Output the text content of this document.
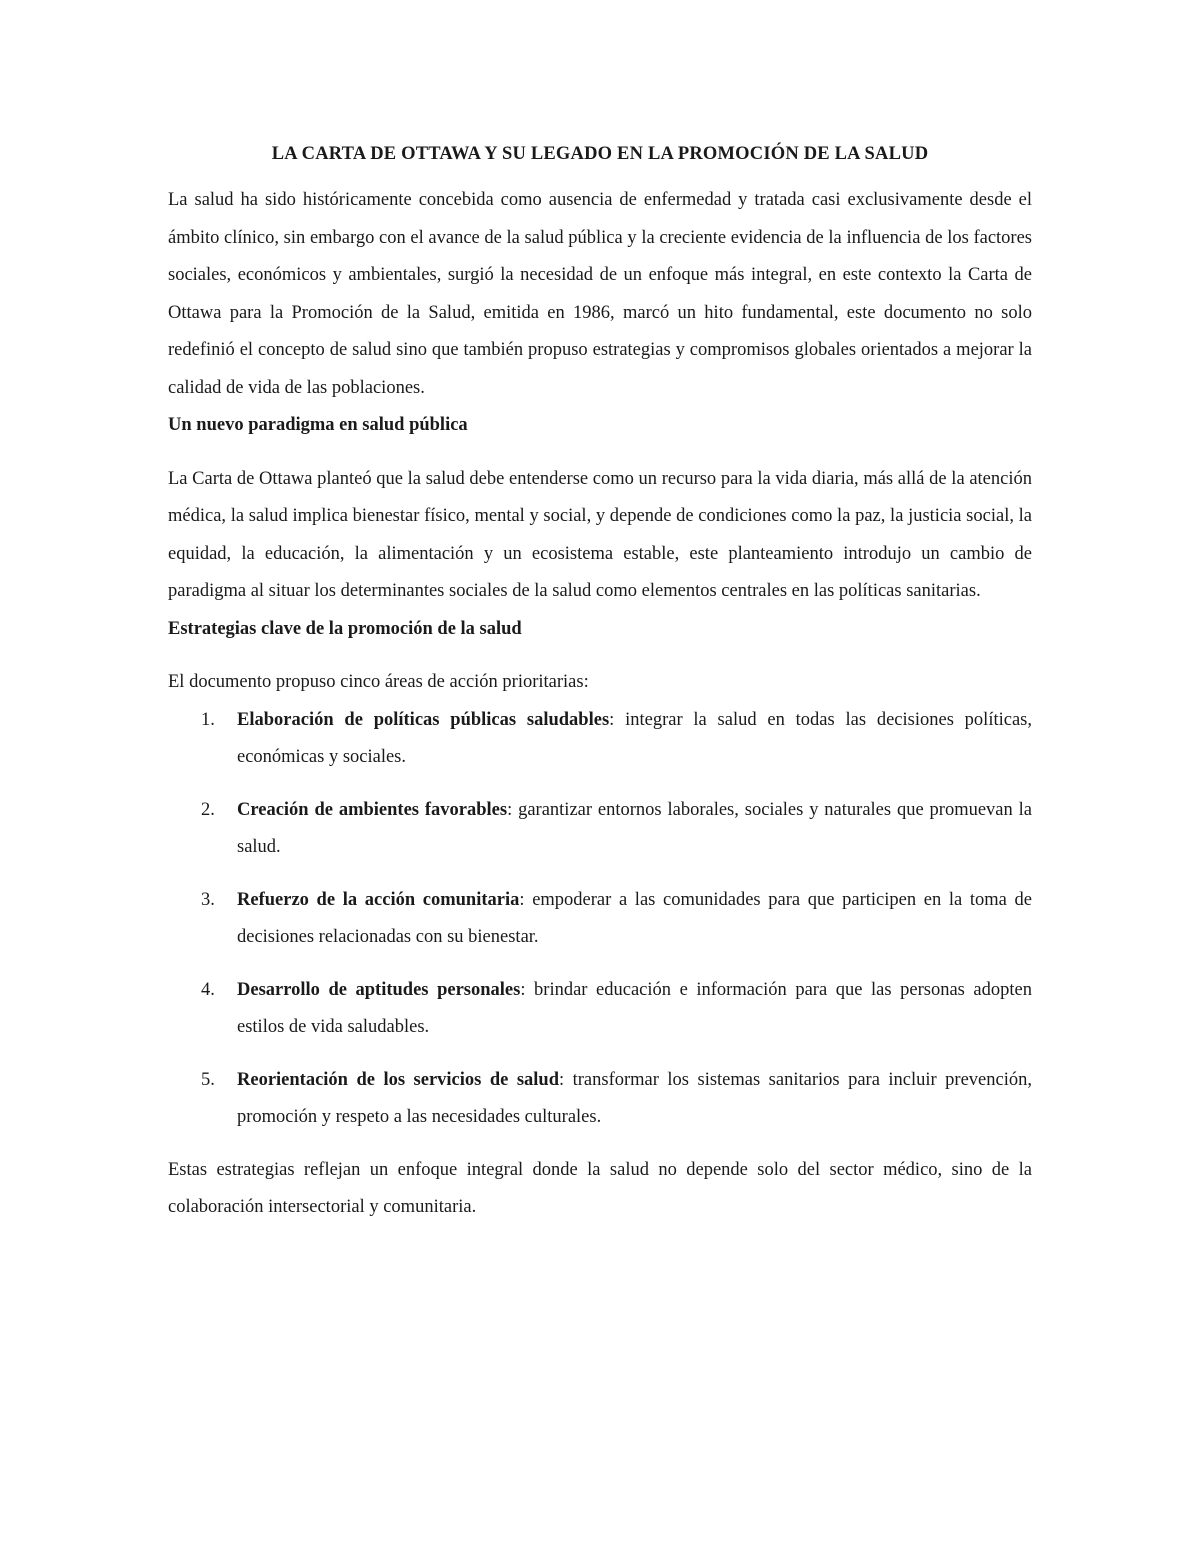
LA CARTA DE OTTAWA Y SU LEGADO EN LA PROMOCIÓN DE LA SALUD

La salud ha sido históricamente concebida como ausencia de enfermedad y tratada casi exclusivamente desde el ámbito clínico, sin embargo con el avance de la salud pública y la creciente evidencia de la influencia de los factores sociales, económicos y ambientales, surgió la necesidad de un enfoque más integral, en este contexto la Carta de Ottawa para la Promoción de la Salud, emitida en 1986, marcó un hito fundamental, este documento no solo redefinió el concepto de salud sino que también propuso estrategias y compromisos globales orientados a mejorar la calidad de vida de las poblaciones.

Un nuevo paradigma en salud pública

La Carta de Ottawa planteó que la salud debe entenderse como un recurso para la vida diaria, más allá de la atención médica, la salud implica bienestar físico, mental y social, y depende de condiciones como la paz, la justicia social, la equidad, la educación, la alimentación y un ecosistema estable, este planteamiento introdujo un cambio de paradigma al situar los determinantes sociales de la salud como elementos centrales en las políticas sanitarias.

Estrategias clave de la promoción de la salud

El documento propuso cinco áreas de acción prioritarias:

1. Elaboración de políticas públicas saludables: integrar la salud en todas las decisiones políticas, económicas y sociales.
2. Creación de ambientes favorables: garantizar entornos laborales, sociales y naturales que promuevan la salud.
3. Refuerzo de la acción comunitaria: empoderar a las comunidades para que participen en la toma de decisiones relacionadas con su bienestar.
4. Desarrollo de aptitudes personales: brindar educación e información para que las personas adopten estilos de vida saludables.
5. Reorientación de los servicios de salud: transformar los sistemas sanitarios para incluir prevención, promoción y respeto a las necesidades culturales.

Estas estrategias reflejan un enfoque integral donde la salud no depende solo del sector médico, sino de la colaboración intersectorial y comunitaria.
